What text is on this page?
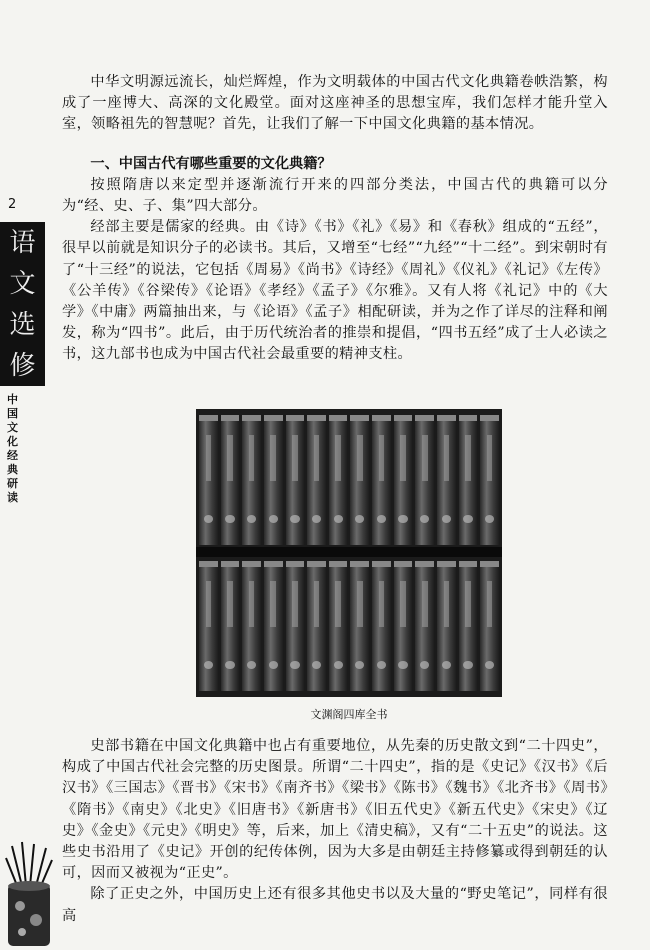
2
语
文
选
修
中国文化经典研读

中华文明源远流长，灿烂辉煌，作为文明载体的中国古代文化典籍卷帙浩繁，构成了一座博大、高深的文化殿堂。面对这座神圣的思想宝库，我们怎样才能升堂入室，领略祖先的智慧呢？首先，让我们了解一下中国文化典籍的基本情况。

一、中国古代有哪些重要的文化典籍？

按照隋唐以来定型并逐渐流行开来的四部分类法，中国古代的典籍可以分为“经、史、子、集”四大部分。

经部主要是儒家的经典。由《诗》《书》《礼》《易》和《春秋》组成的“五经”，很早以前就是知识分子的必读书。其后，又增至“七经”“九经”“十二经”。到宋朝时有了“十三经”的说法，它包括《周易》《尚书》《诗经》《周礼》《仪礼》《礼记》《左传》《公羊传》《谷梁传》《论语》《孝经》《孟子》《尔雅》。又有人将《礼记》中的《大学》《中庸》两篇抽出来，与《论语》《孟子》相配研读，并为之作了详尽的注释和阐发，称为“四书”。此后，由于历代统治者的推崇和提倡，“四书五经”成了士人必读之书，这九部书也成为中国古代社会最重要的精神支柱。

文渊阁四库全书

史部书籍在中国文化典籍中也占有重要地位，从先秦的历史散文到“二十四史”，构成了中国古代社会完整的历史图景。所谓“二十四史”，指的是《史记》《汉书》《后汉书》《三国志》《晋书》《宋书》《南齐书》《梁书》《陈书》《魏书》《北齐书》《周书》《隋书》《南史》《北史》《旧唐书》《新唐书》《旧五代史》《新五代史》《宋史》《辽史》《金史》《元史》《明史》等，后来，加上《清史稿》，又有“二十五史”的说法。这些史书沿用了《史记》开创的纪传体例，因为大多是由朝廷主持修纂或得到朝廷的认可，因而又被视为“正史”。

除了正史之外，中国历史上还有很多其他史书以及大量的“野史笔记”，同样有很高
